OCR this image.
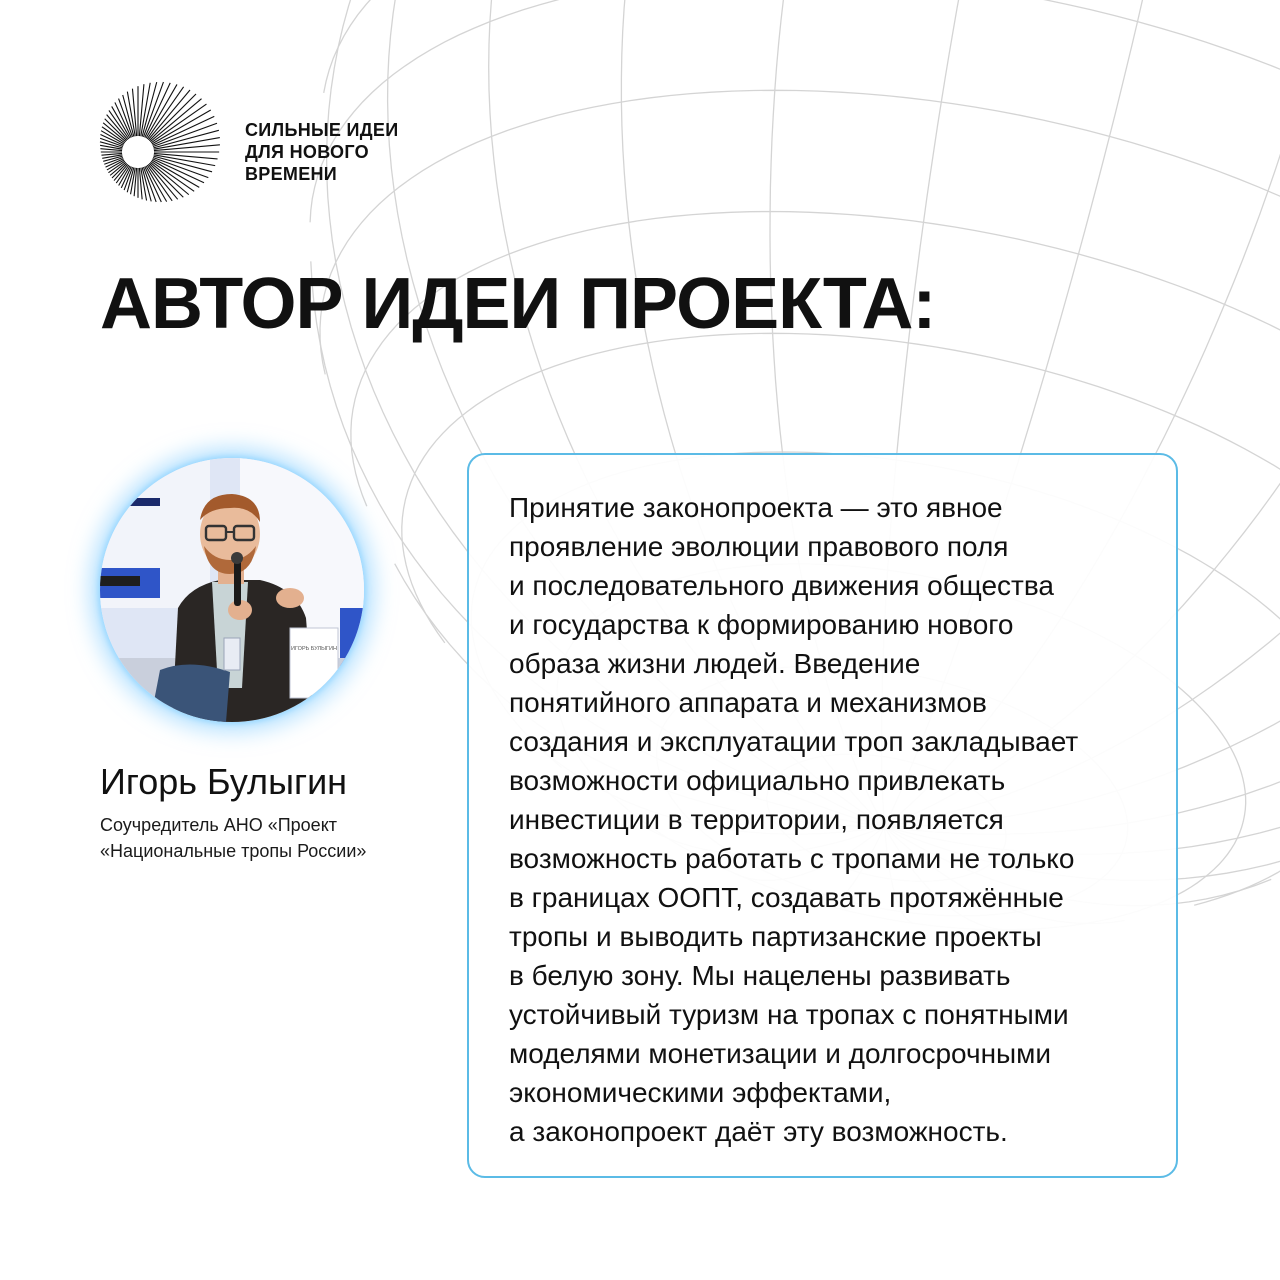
СИЛЬНЫЕ ИДЕИ
ДЛЯ НОВОГО
ВРЕМЕНИ
АВТОР ИДЕИ ПРОЕКТА:
ИГОРЬ БУЛЫГИН
Игорь Булыгин
Соучредитель АНО «Проект
«Национальные тропы России»
Принятие законопроекта — это явное
проявление эволюции правового поля
и последовательного движения общества
и государства к формированию нового
образа жизни людей. Введение
понятийного аппарата и механизмов
создания и эксплуатации троп закладывает
возможности официально привлекать
инвестиции в территории, появляется
возможность работать с тропами не только
в границах ООПТ, создавать протяжённые
тропы и выводить партизанские проекты
в белую зону. Мы нацелены развивать
устойчивый туризм на тропах с понятными
моделями монетизации и долгосрочными
экономическими эффектами,
а законопроект даёт эту возможность.
